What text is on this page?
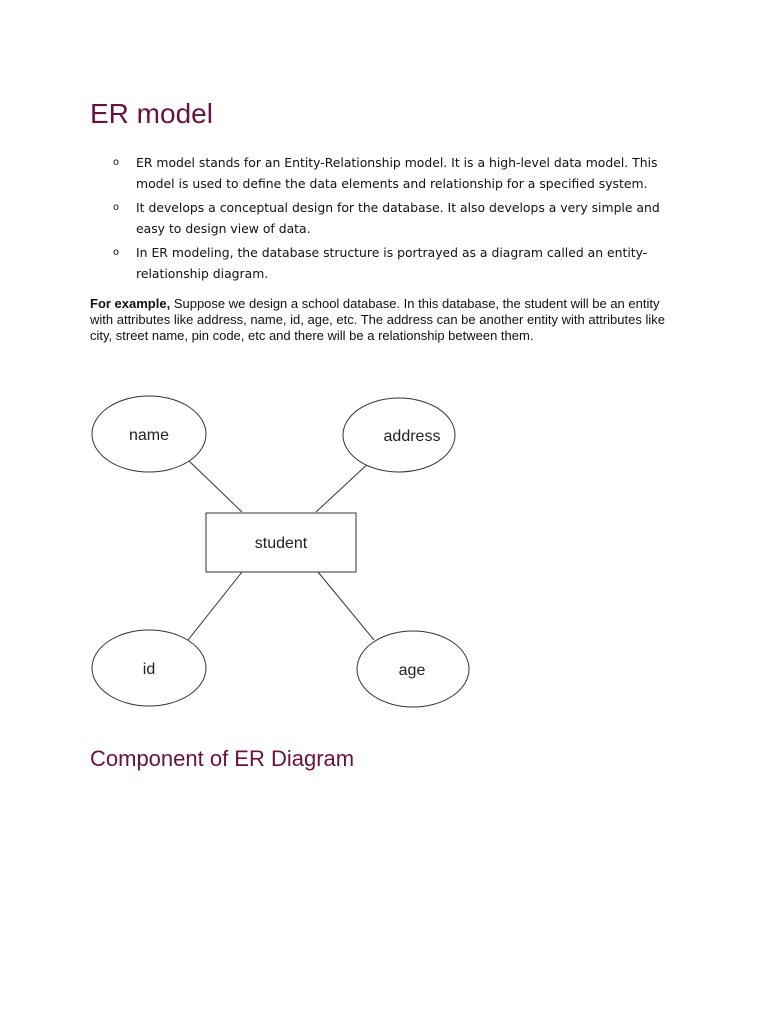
ER model
o ER model stands for an Entity-Relationship model. It is a high-level data model. This model is used to define the data elements and relationship for a specified system.
o It develops a conceptual design for the database. It also develops a very simple and easy to design view of data.
o In ER modeling, the database structure is portrayed as a diagram called an entity-relationship diagram.

For example, Suppose we design a school database. In this database, the student will be an entity with attributes like address, name, id, age, etc. The address can be another entity with attributes like city, street name, pin code, etc and there will be a relationship between them.

student
name	address
id	age
Component of ER Diagram
